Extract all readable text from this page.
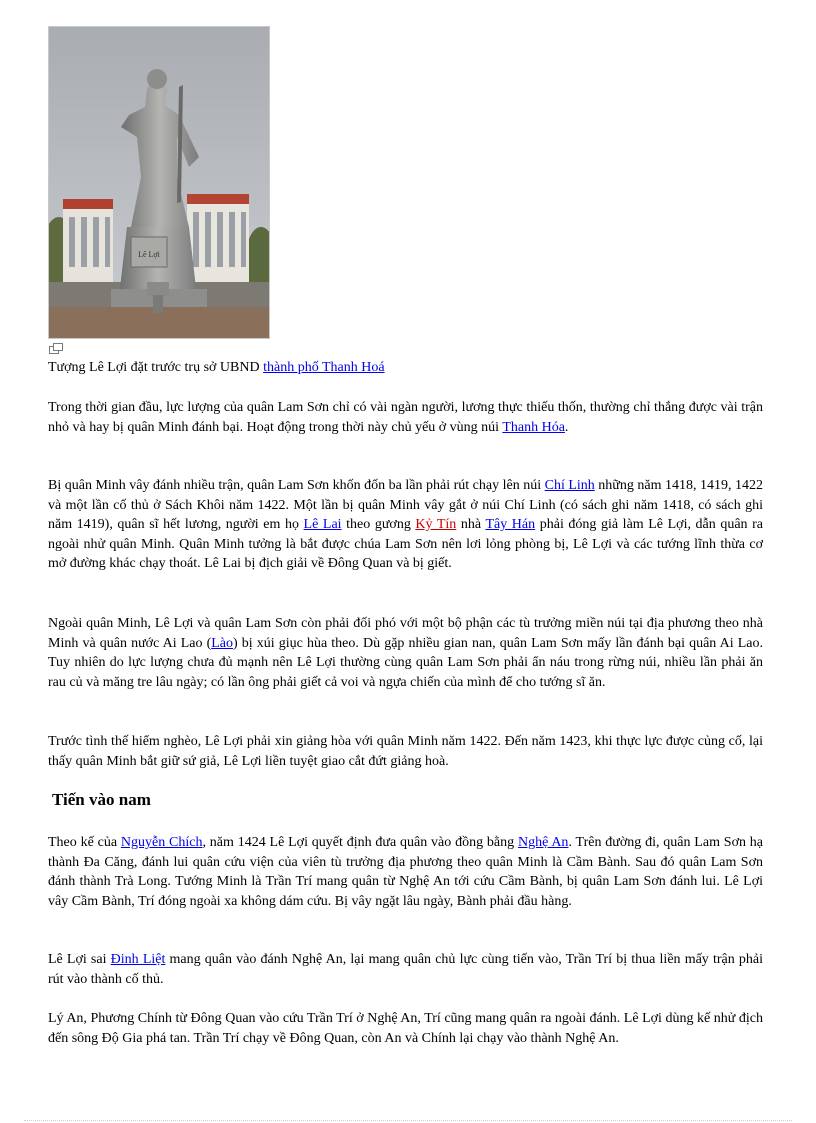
Lê Lợi
Tượng Lê Lợi đặt trước trụ sở UBND thành phố Thanh Hoá

Trong thời gian đầu, lực lượng của quân Lam Sơn chỉ có vài ngàn người, lương thực thiếu thốn, thường chỉ thắng được vài trận nhỏ và hay bị quân Minh đánh bại. Hoạt động trong thời này chủ yếu ở vùng núi Thanh Hóa.

Bị quân Minh vây đánh nhiều trận, quân Lam Sơn khốn đốn ba lần phải rút chạy lên núi Chí Linh những năm 1418, 1419, 1422 và một lần cố thủ ở Sách Khôi năm 1422. Một lần bị quân Minh vây gắt ở núi Chí Linh (có sách ghi năm 1418, có sách ghi năm 1419), quân sĩ hết lương, người em họ Lê Lai theo gương Kỷ Tín nhà Tây Hán phải đóng giả làm Lê Lợi, dẫn quân ra ngoài nhử quân Minh. Quân Minh tưởng là bắt được chúa Lam Sơn nên lơi lỏng phòng bị, Lê Lợi và các tướng lĩnh thừa cơ mở đường khác chạy thoát. Lê Lai bị địch giải về Đông Quan và bị giết.

Ngoài quân Minh, Lê Lợi và quân Lam Sơn còn phải đối phó với một bộ phận các tù trưởng miền núi tại địa phương theo nhà Minh và quân nước Ai Lao (Lào) bị xúi giục hùa theo. Dù gặp nhiều gian nan, quân Lam Sơn mấy lần đánh bại quân Ai Lao. Tuy nhiên do lực lượng chưa đủ mạnh nên Lê Lợi thường cùng quân Lam Sơn phải ẩn náu trong rừng núi, nhiều lần phải ăn rau củ và măng tre lâu ngày; có lần ông phải giết cả voi và ngựa chiến của mình để cho tướng sĩ ăn.

Trước tình thế hiểm nghèo, Lê Lợi phải xin giảng hòa với quân Minh năm 1422. Đến năm 1423, khi thực lực được củng cố, lại thấy quân Minh bắt giữ sứ giả, Lê Lợi liền tuyệt giao cắt đứt giảng hoà.

Tiến vào nam

Theo kế của Nguyễn Chích, năm 1424 Lê Lợi quyết định đưa quân vào đồng bằng Nghệ An. Trên đường đi, quân Lam Sơn hạ thành Đa Căng, đánh lui quân cứu viện của viên tù trưởng địa phương theo quân Minh là Cầm Bành. Sau đó quân Lam Sơn đánh thành Trà Long. Tướng Minh là Trần Trí mang quân từ Nghệ An tới cứu Cầm Bành, bị quân Lam Sơn đánh lui. Lê Lợi vây Cầm Bành, Trí đóng ngoài xa không dám cứu. Bị vây ngặt lâu ngày, Bành phải đầu hàng.

Lê Lợi sai Đinh Liệt mang quân vào đánh Nghệ An, lại mang quân chủ lực cùng tiến vào, Trần Trí bị thua liền mấy trận phải rút vào thành cố thủ.

Lý An, Phương Chính từ Đông Quan vào cứu Trần Trí ở Nghệ An, Trí cũng mang quân ra ngoài đánh. Lê Lợi dùng kế nhử địch đến sông Độ Gia phá tan. Trần Trí chạy về Đông Quan, còn An và Chính lại chạy vào thành Nghệ An.
